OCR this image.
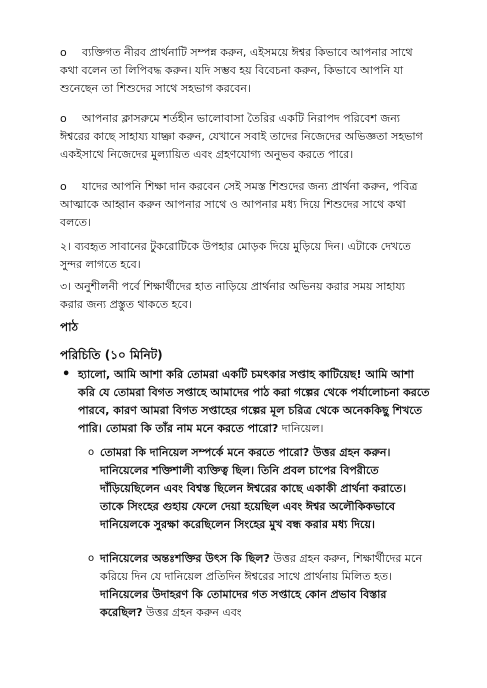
o ব্যক্তিগত নীরব প্রার্থনাটি সম্পন্ন করুন, এইসময়ে ঈশ্বর কিভাবে আপনার সাথে কথা বলেন তা লিপিবদ্ধ করুন। যদি সম্ভব হয় বিবেচনা করুন, কিভাবে আপনি যা শুনেছেন তা শিশুদের সাথে সহভাগ করবেন।

o আপনার ক্লাসরুমে শর্তহীন ভালোবাসা তৈরির একটি নিরাপদ পরিবেশ জন্য ঈশ্বরের কাছে সাহায্য যাচ্ঞা করুন, যেখানে সবাই তাদের নিজেদের অভিজ্ঞতা সহভাগ একইসাথে নিজেদের মুল্যায়িত এবং গ্রহণযোগ্য অনুভব করতে পারে।

o যাদের আপনি শিক্ষা দান করবেন সেই সমস্ত শিশুদের জন্য প্রার্থনা করুন, পবিত্র আত্মাকে আহ্বান করুন আপনার সাথে ও আপনার মধ্য দিয়ে শিশুদের সাথে কথা বলতে।

২। ব্যবহৃত সাবানের টুকরোটিকে উপহার মোড়ক দিয়ে মুড়িয়ে দিন। এটাকে দেখতে সুন্দর লাগতে হবে।

৩। অনুশীলনী পর্বে শিক্ষার্থীদের হাত নাড়িয়ে প্রার্থনার অভিনয় করার সময় সাহায্য করার জন্য প্রস্তুত থাকতে হবে।

পাঠ

পরিচিতি (১০ মিনিট)

• হ্যালো, আমি আশা করি তোমরা একটি চমৎকার সপ্তাহ কাটিয়েছ! আমি আশা করি যে তোমরা বিগত সপ্তাহে আমাদের পাঠ করা গল্পের থেকে পর্যালোচনা করতে পারবে, কারণ আমরা বিগত সপ্তাহের গল্পের মূল চরিত্র থেকে অনেককিছু শিখতে পারি। তোমরা কি তাঁর নাম মনে করতে পারো? দানিয়েল।
o তোমরা কি দানিয়েল সম্পর্কে মনে করতে পারো? উত্তর গ্রহন করুন। দানিয়েলের শক্তিশালী ব্যক্তিত্ব ছিল। তিনি প্রবল চাপের বিপরীতে দাঁড়িয়েছিলেন এবং বিশ্বস্ত ছিলেন ঈশ্বরের কাছে একাকী প্রার্থনা করাতে। তাকে সিংহের গুহায় ফেলে দেয়া হয়েছিল এবং ঈশ্বর অলৌকিকভাবে দানিয়েলকে সুরক্ষা করেছিলেন সিংহের মুখ বন্ধ করার মধ্য দিয়ে।
o দানিয়েলের অন্তঃশক্তির উৎস কি ছিল? উত্তর গ্রহন করুন, শিক্ষার্থীদের মনে করিয়ে দিন যে দানিয়েল প্রতিদিন ঈশ্বরের সাথে প্রার্থনায় মিলিত হত। দানিয়েলের উদাহরণ কি তোমাদের গত সপ্তাহে কোন প্রভাব বিস্তার করেছিল? উত্তর গ্রহন করুন এবং
